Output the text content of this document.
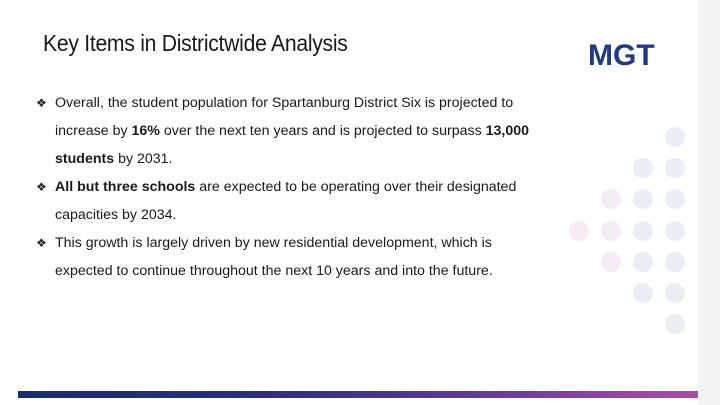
Key Items in Districtwide Analysis	MGT
❖ Overall, the student population for Spartanburg District Six is projected to increase by 16% over the next ten years and is projected to surpass 13,000 students by 2031.
❖ All but three schools are expected to be operating over their designated capacities by 2034.
❖ This growth is largely driven by new residential development, which is expected to continue throughout the next 10 years and into the future.
